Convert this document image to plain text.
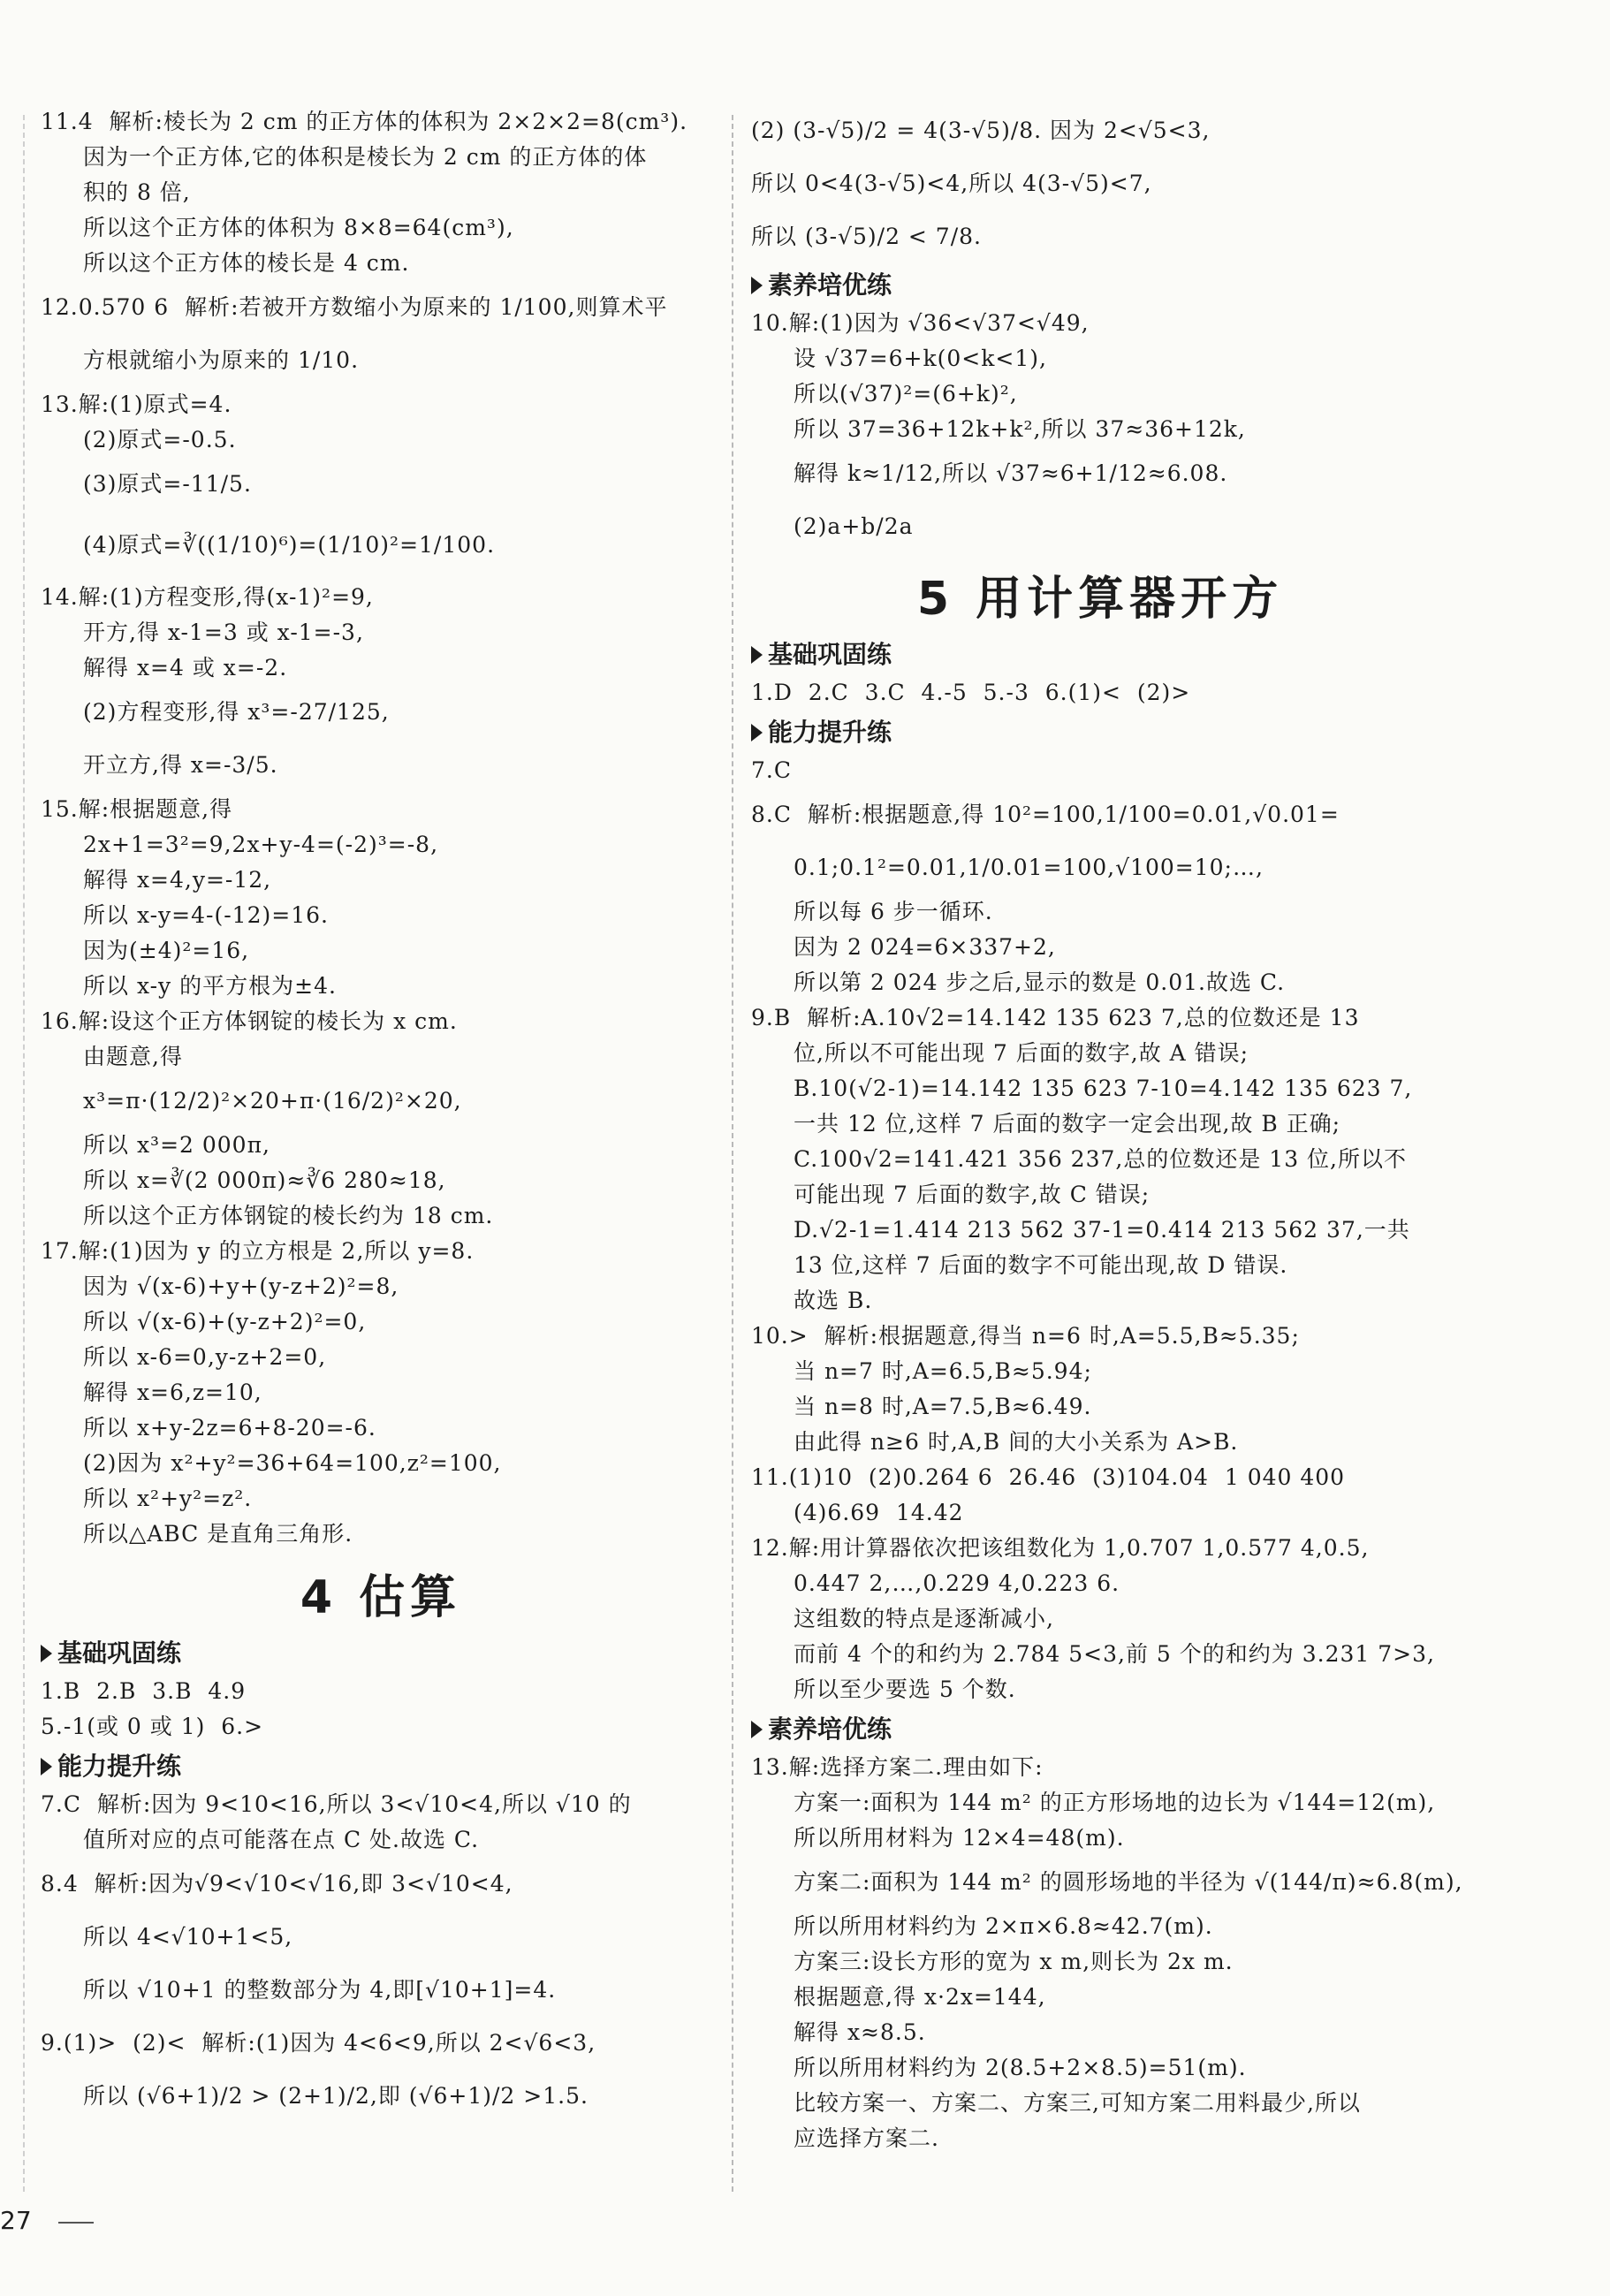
11.4  解析:棱长为 2 cm 的正方体的体积为 2×2×2=8(cm³).

因为一个正方体,它的体积是棱长为 2 cm 的正方体的体

积的 8 倍,

所以这个正方体的体积为 8×8=64(cm³),

所以这个正方体的棱长是 4 cm.

12.0.570 6  解析:若被开方数缩小为原来的 1/100,则算术平

方根就缩小为原来的 1/10.

13.解:(1)原式=4.

(2)原式=-0.5.

(3)原式=-11/5.

(4)原式=∛((1/10)⁶)=(1/10)²=1/100.

14.解:(1)方程变形,得(x-1)²=9,

开方,得 x-1=3 或 x-1=-3,

解得 x=4 或 x=-2.

(2)方程变形,得 x³=-27/125,

开立方,得 x=-3/5.

15.解:根据题意,得

2x+1=3²=9,2x+y-4=(-2)³=-8,

解得 x=4,y=-12,

所以 x-y=4-(-12)=16.

因为(±4)²=16,

所以 x-y 的平方根为±4.

16.解:设这个正方体钢锭的棱长为 x cm.

由题意,得

x³=π·(12/2)²×20+π·(16/2)²×20,

所以 x³=2 000π,

所以 x=∛(2 000π)≈∛6 280≈18,

所以这个正方体钢锭的棱长约为 18 cm.

17.解:(1)因为 y 的立方根是 2,所以 y=8.

因为 √(x-6)+y+(y-z+2)²=8,

所以 √(x-6)+(y-z+2)²=0,

所以 x-6=0,y-z+2=0,

解得 x=6,z=10,

所以 x+y-2z=6+8-20=-6.

(2)因为 x²+y²=36+64=100,z²=100,

所以 x²+y²=z².

所以△ABC 是直角三角形.

4 估算
基础巩固练

1.B  2.B  3.B  4.9

5.-1(或 0 或 1)  6.>

能力提升练

7.C  解析:因为 9<10<16,所以 3<√10<4,所以 √10 的

值所对应的点可能落在点 C 处.故选 C.

8.4  解析:因为√9<√10<√16,即 3<√10<4,

所以 4<√10+1<5,

所以 √10+1 的整数部分为 4,即[√10+1]=4.

9.(1)>  (2)<  解析:(1)因为 4<6<9,所以 2<√6<3,

所以 (√6+1)/2 > (2+1)/2,即 (√6+1)/2 >1.5.

(2) (3-√5)/2 = 4(3-√5)/8. 因为 2<√5<3,

所以 0<4(3-√5)<4,所以 4(3-√5)<7,

所以 (3-√5)/2 < 7/8.

素养培优练

10.解:(1)因为 √36<√37<√49,

设 √37=6+k(0<k<1),

所以(√37)²=(6+k)²,

所以 37=36+12k+k²,所以 37≈36+12k,

解得 k≈1/12,所以 √37≈6+1/12≈6.08.

(2)a+b/2a

5 用计算器开方
基础巩固练

1.D  2.C  3.C  4.-5  5.-3  6.(1)<  (2)>

能力提升练

7.C

8.C  解析:根据题意,得 10²=100,1/100=0.01,√0.01=

0.1;0.1²=0.01,1/0.01=100,√100=10;…,

所以每 6 步一循环.

因为 2 024=6×337+2,

所以第 2 024 步之后,显示的数是 0.01.故选 C.

9.B  解析:A.10√2=14.142 135 623 7,总的位数还是 13

位,所以不可能出现 7 后面的数字,故 A 错误;

B.10(√2-1)=14.142 135 623 7-10=4.142 135 623 7,

一共 12 位,这样 7 后面的数字一定会出现,故 B 正确;

C.100√2=141.421 356 237,总的位数还是 13 位,所以不

可能出现 7 后面的数字,故 C 错误;

D.√2-1=1.414 213 562 37-1=0.414 213 562 37,一共

13 位,这样 7 后面的数字不可能出现,故 D 错误.

故选 B.

10.>  解析:根据题意,得当 n=6 时,A=5.5,B≈5.35;

当 n=7 时,A=6.5,B≈5.94;

当 n=8 时,A=7.5,B≈6.49.

由此得 n≥6 时,A,B 间的大小关系为 A>B.

11.(1)10  (2)0.264 6  26.46  (3)104.04  1 040 400

(4)6.69  14.42

12.解:用计算器依次把该组数化为 1,0.707 1,0.577 4,0.5,

0.447 2,…,0.229 4,0.223 6.

这组数的特点是逐渐减小,

而前 4 个的和约为 2.784 5<3,前 5 个的和约为 3.231 7>3,

所以至少要选 5 个数.

素养培优练

13.解:选择方案二.理由如下:

方案一:面积为 144 m² 的正方形场地的边长为 √144=12(m),

所以所用材料为 12×4=48(m).

方案二:面积为 144 m² 的圆形场地的半径为 √(144/π)≈6.8(m),

所以所用材料约为 2×π×6.8≈42.7(m).

方案三:设长方形的宽为 x m,则长为 2x m.

根据题意,得 x·2x=144,

解得 x≈8.5.

所以所用材料约为 2(8.5+2×8.5)=51(m).

比较方案一、方案二、方案三,可知方案二用料最少,所以

应选择方案二.

27
